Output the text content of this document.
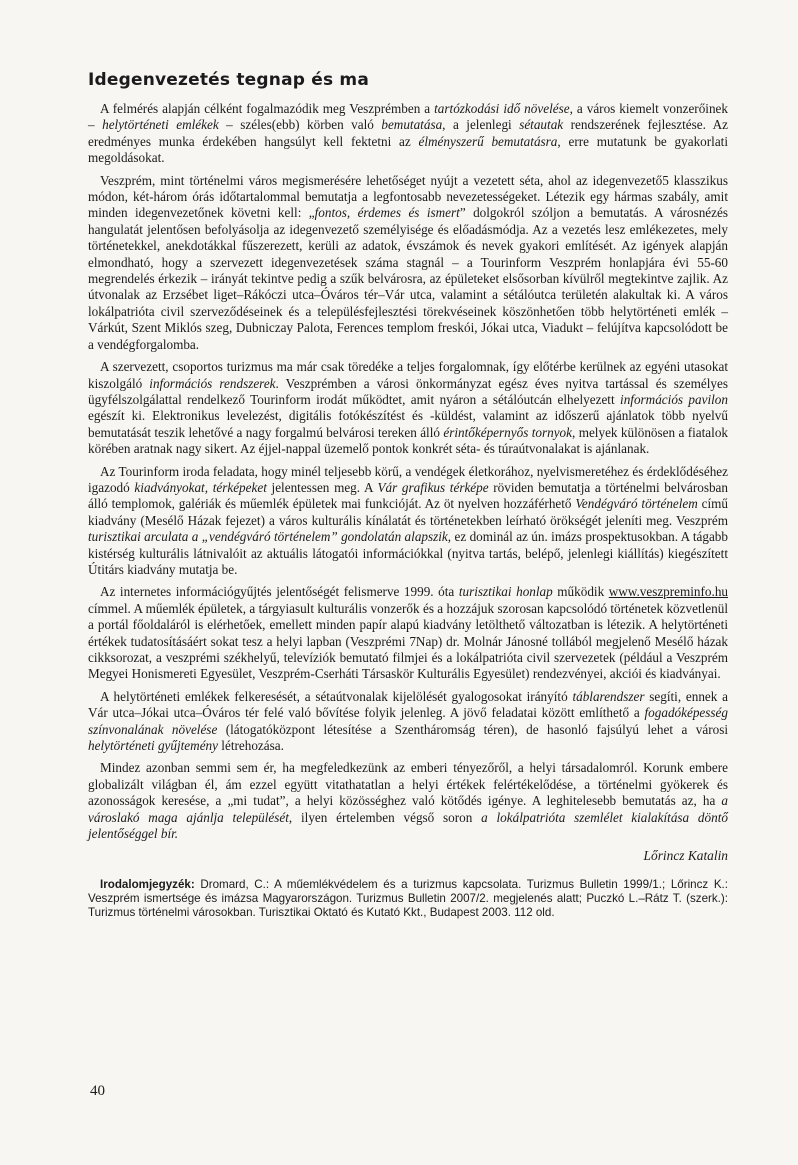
Idegenvezetés tegnap és ma

A felmérés alapján célként fogalmazódik meg Veszprémben a tartózkodási idő növelése, a város kiemelt vonzerőinek – helytörténeti emlékek – széles(ebb) körben való bemutatása, a jelenlegi sétautak rendszerének fejlesztése. Az eredményes munka érdekében hangsúlyt kell fektetni az élményszerű bemutatásra, erre mutatunk be gyakorlati megoldásokat.

Veszprém, mint történelmi város megismerésére lehetőséget nyújt a vezetett séta, ahol az idegenvezető5 klasszikus módon, két-három órás időtartalommal bemutatja a legfontosabb nevezetességeket. Létezik egy hármas szabály, amit minden idegenvezetőnek követni kell: „fontos, érdemes és ismert” dolgokról szóljon a bemutatás. A városnézés hangulatát jelentősen befolyásolja az idegenvezető személyisége és előadásmódja. Az a vezetés lesz emlékezetes, mely történetekkel, anekdotákkal fűszerezett, kerüli az adatok, évszámok és nevek gyakori említését. Az igények alapján elmondható, hogy a szervezett idegenvezetések száma stagnál – a Tourinform Veszprém honlapjára évi 55-60 megrendelés érkezik – irányát tekintve pedig a szűk belvárosra, az épületeket elsősorban kívülről megtekintve zajlik. Az útvonalak az Erzsébet liget–Rákóczi utca–Óváros tér–Vár utca, valamint a sétálóutca területén alakultak ki. A város lokálpatrióta civil szerveződéseinek és a településfejlesztési törekvéseinek köszönhetően több helytörténeti emlék – Várkút, Szent Miklós szeg, Dubniczay Palota, Ferences templom freskói, Jókai utca, Viadukt – felújítva kapcsolódott be a vendégforgalomba.

A szervezett, csoportos turizmus ma már csak töredéke a teljes forgalomnak, így előtérbe kerülnek az egyéni utasokat kiszolgáló információs rendszerek. Veszprémben a városi önkormányzat egész éves nyitva tartással és személyes ügyfélszolgálattal rendelkező Tourinform irodát működtet, amit nyáron a sétálóutcán elhelyezett információs pavilon egészít ki. Elektronikus levelezést, digitális fotókészítést és -küldést, valamint az időszerű ajánlatok több nyelvű bemutatását teszik lehetővé a nagy forgalmú belvárosi tereken álló érintőképernyős tornyok, melyek különösen a fiatalok körében aratnak nagy sikert. Az éjjel-nappal üzemelő pontok konkrét séta- és túraútvonalakat is ajánlanak.

Az Tourinform iroda feladata, hogy minél teljesebb körű, a vendégek életkorához, nyelvismeretéhez és érdeklődéséhez igazodó kiadványokat, térképeket jelentessen meg. A Vár grafikus térképe röviden bemutatja a történelmi belvárosban álló templomok, galériák és műemlék épületek mai funkcióját. Az öt nyelven hozzáférhető Vendégváró történelem című kiadvány (Mesélő Házak fejezet) a város kulturális kínálatát és történetekben leírható örökségét jeleníti meg. Veszprém turisztikai arculata a „vendégváró történelem” gondolatán alapszik, ez dominál az ún. imázs prospektusokban. A tágabb kistérség kulturális látnivalóit az aktuális látogatói információkkal (nyitva tartás, belépő, jelenlegi kiállítás) kiegészített Útitárs kiadvány mutatja be.

Az internetes információgyűjtés jelentőségét felismerve 1999. óta turisztikai honlap működik www.veszpreminfo.hu címmel. A műemlék épületek, a tárgyiasult kulturális vonzerők és a hozzájuk szorosan kapcsolódó történetek közvetlenül a portál főoldaláról is elérhetőek, emellett minden papír alapú kiadvány letölthető változatban is létezik. A helytörténeti értékek tudatosításáért sokat tesz a helyi lapban (Veszprémi 7Nap) dr. Molnár Jánosné tollából megjelenő Mesélő házak cikksorozat, a veszprémi székhelyű, televíziók bemutató filmjei és a lokálpatrióta civil szervezetek (például a Veszprém Megyei Honismereti Egyesület, Veszprém-Cserháti Társaskör Kulturális Egyesület) rendezvényei, akciói és kiadványai.

A helytörténeti emlékek felkeresését, a sétaútvonalak kijelölését gyalogosokat irányító táblarendszer segíti, ennek a Vár utca–Jókai utca–Óváros tér felé való bővítése folyik jelenleg. A jövő feladatai között említhető a fogadóképesség színvonalának növelése (látogatóközpont létesítése a Szentháromság téren), de hasonló fajsúlyú lehet a városi helytörténeti gyűjtemény létrehozása.

Mindez azonban semmi sem ér, ha megfeledkezünk az emberi tényezőről, a helyi társadalomról. Korunk embere globalizált világban él, ám ezzel együtt vitathatatlan a helyi értékek felértékelődése, a történelmi gyökerek és azonosságok keresése, a „mi tudat”, a helyi közösséghez való kötődés igénye. A leghitelesebb bemutatás az, ha a városlakó maga ajánlja települését, ilyen értelemben végső soron a lokálpatrióta szemlélet kialakítása döntő jelentőséggel bír.

Lőrincz Katalin

Irodalomjegyzék: Dromard, C.: A műemlékvédelem és a turizmus kapcsolata. Turizmus Bulletin 1999/1.; Lőrincz K.: Veszprém ismertsége és imázsa Magyarországon. Turizmus Bulletin 2007/2. megjelenés alatt; Puczkó L.–Rátz T. (szerk.): Turizmus történelmi városokban. Turisztikai Oktató és Kutató Kkt., Budapest 2003. 112 old.

40
